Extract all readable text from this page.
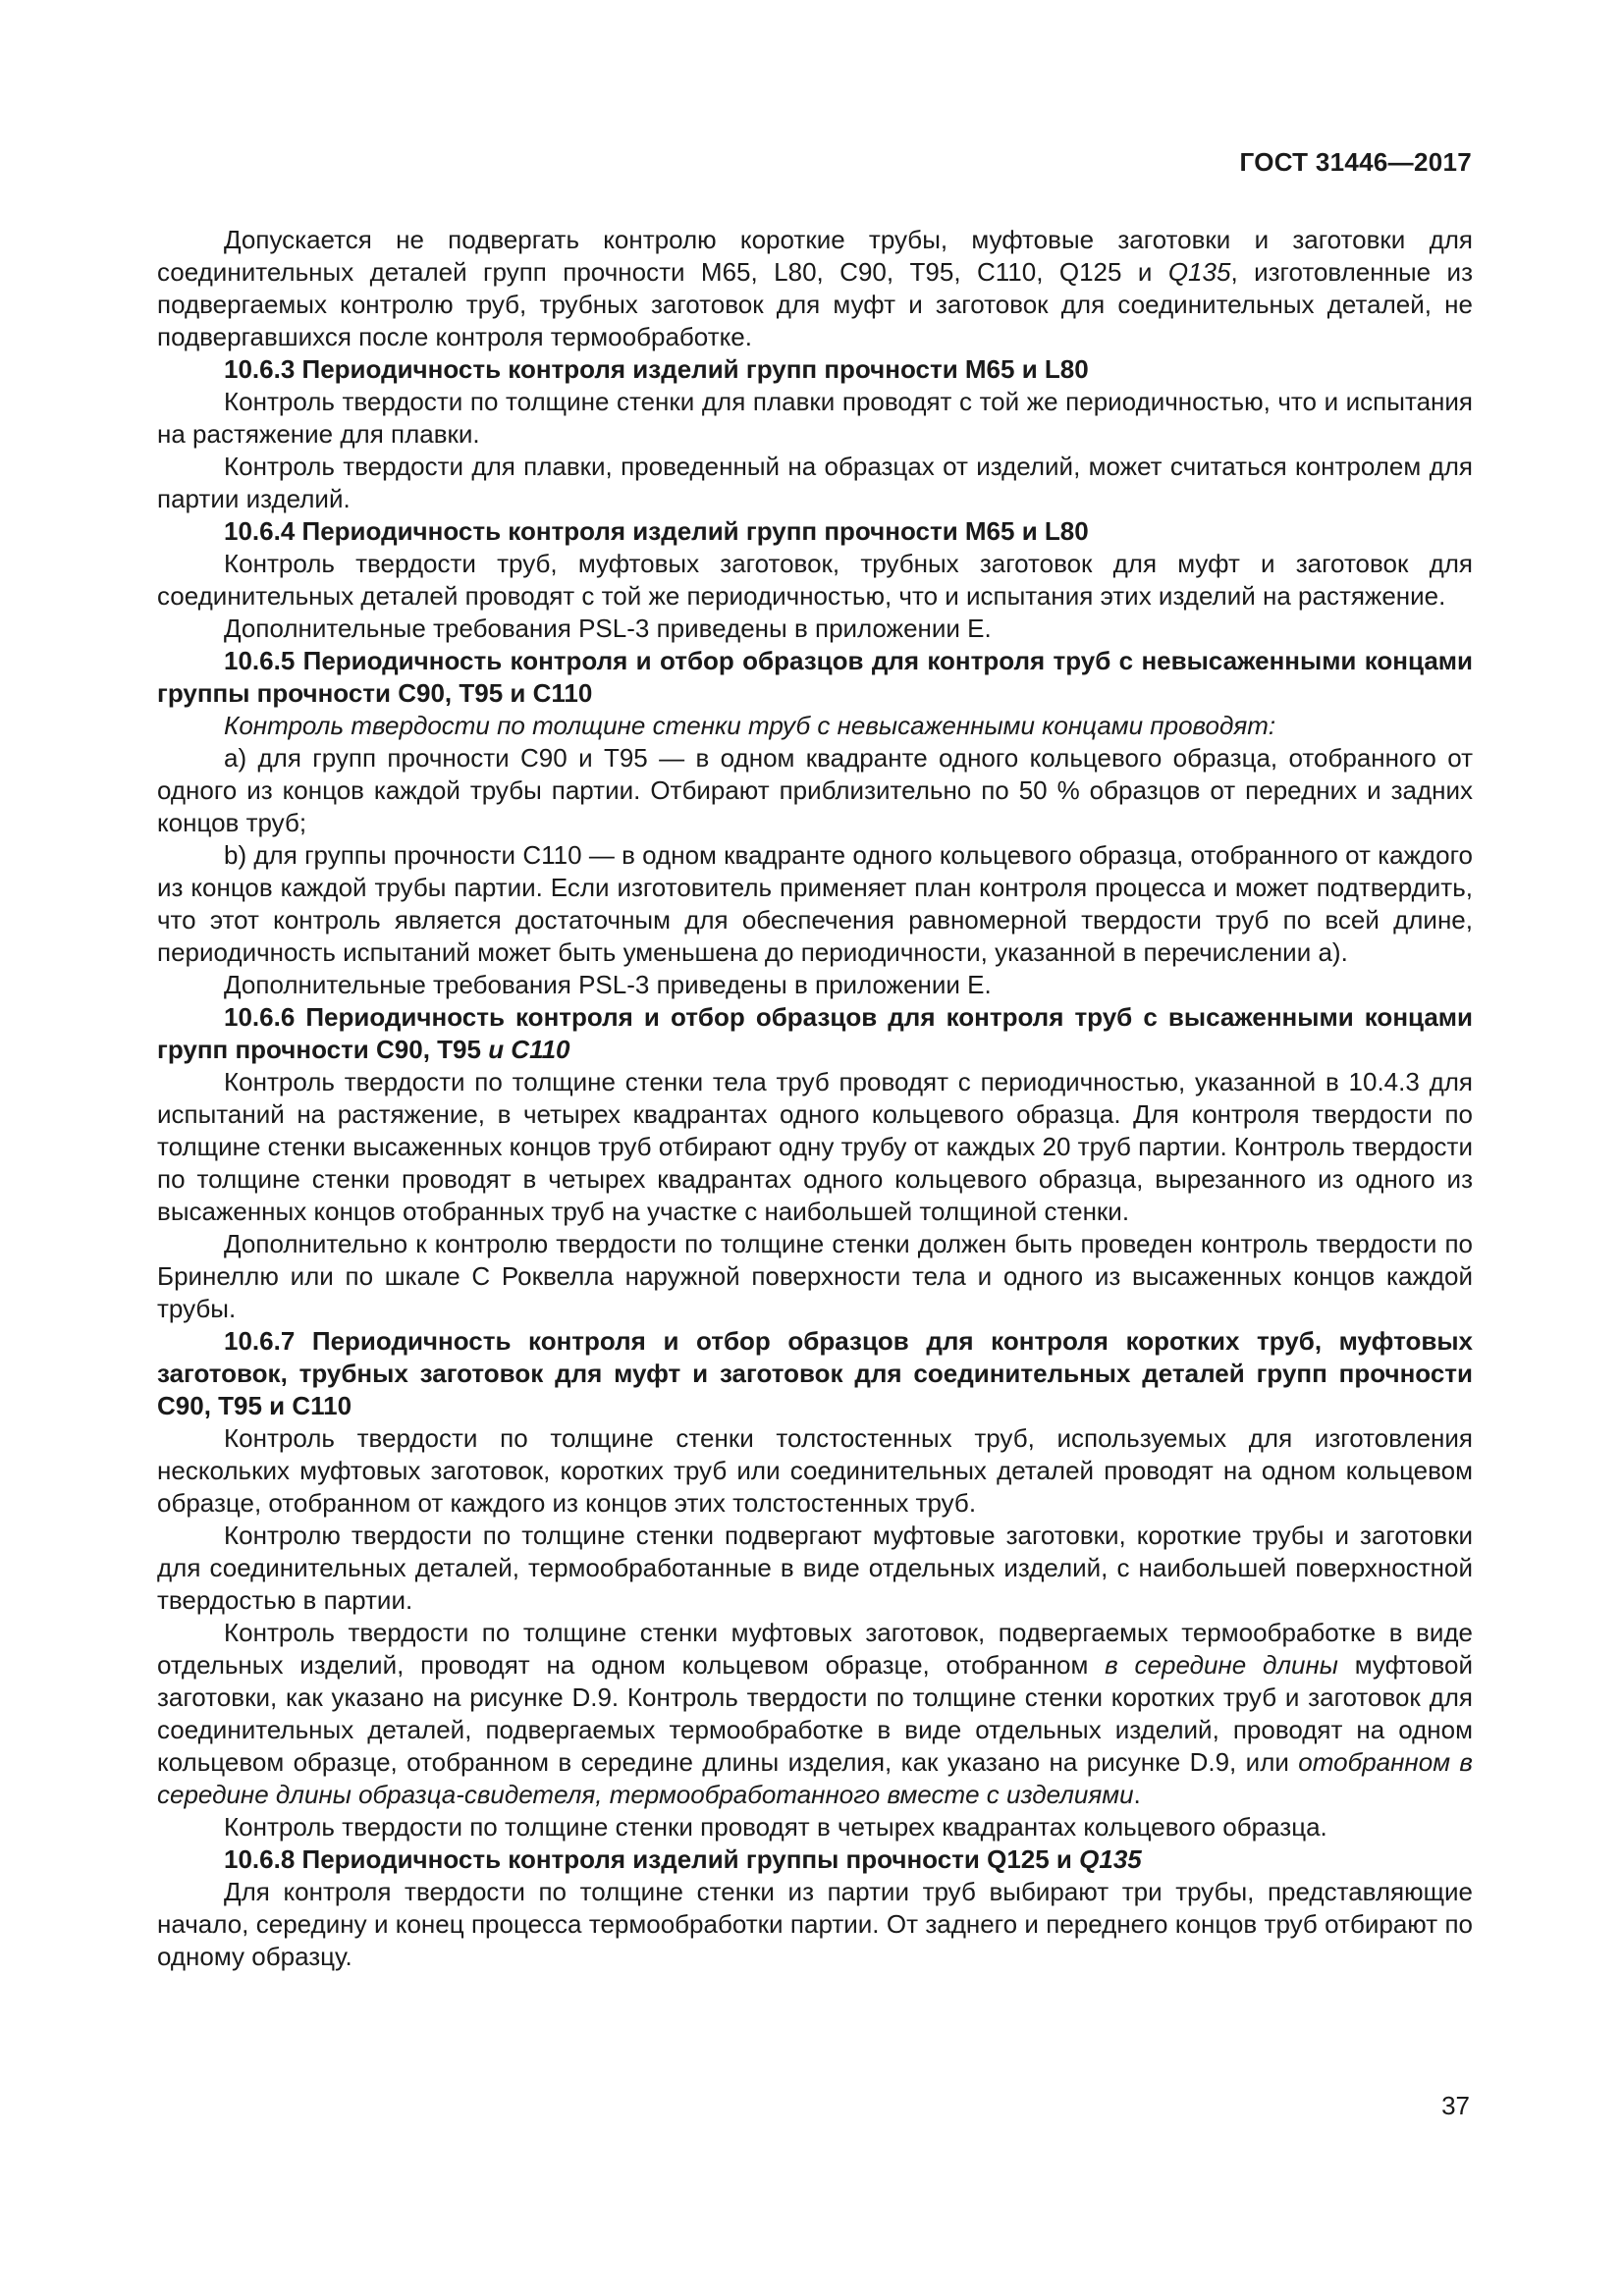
ГОСТ 31446—2017

Допускается не подвергать контролю короткие трубы, муфтовые заготовки и заготовки для соединительных деталей групп прочности М65, L80, С90, Т95, С110, Q125 и Q135, изготовленные из подвергаемых контролю труб, трубных заготовок для муфт и заготовок для соединительных деталей, не подвергавшихся после контроля термообработке.

10.6.3 Периодичность контроля изделий групп прочности М65 и L80

Контроль твердости по толщине стенки для плавки проводят с той же периодичностью, что и испытания на растяжение для плавки.

Контроль твердости для плавки, проведенный на образцах от изделий, может считаться контролем для партии изделий.

10.6.4 Периодичность контроля изделий групп прочности М65 и L80

Контроль твердости труб, муфтовых заготовок, трубных заготовок для муфт и заготовок для соединительных деталей проводят с той же периодичностью, что и испытания этих изделий на растяжение.

Дополнительные требования PSL-3 приведены в приложении Е.

10.6.5 Периодичность контроля и отбор образцов для контроля труб с невысаженными концами группы прочности С90, Т95 и С110

Контроль твердости по толщине стенки труб с невысаженными концами проводят:

a) для групп прочности С90 и Т95 — в одном квадранте одного кольцевого образца, отобранного от одного из концов каждой трубы партии. Отбирают приблизительно по 50 % образцов от передних и задних концов труб;

b) для группы прочности С110 — в одном квадранте одного кольцевого образца, отобранного от каждого из концов каждой трубы партии. Если изготовитель применяет план контроля процесса и может подтвердить, что этот контроль является достаточным для обеспечения равномерной твердости труб по всей длине, периодичность испытаний может быть уменьшена до периодичности, указанной в перечислении а).

Дополнительные требования PSL-3 приведены в приложении Е.

10.6.6 Периодичность контроля и отбор образцов для контроля труб с высаженными концами групп прочности С90, Т95 и С110

Контроль твердости по толщине стенки тела труб проводят с периодичностью, указанной в 10.4.3 для испытаний на растяжение, в четырех квадрантах одного кольцевого образца. Для контроля твердости по толщине стенки высаженных концов труб отбирают одну трубу от каждых 20 труб партии. Контроль твердости по толщине стенки проводят в четырех квадрантах одного кольцевого образца, вырезанного из одного из высаженных концов отобранных труб на участке с наибольшей толщиной стенки.

Дополнительно к контролю твердости по толщине стенки должен быть проведен контроль твердости по Бринеллю или по шкале С Роквелла наружной поверхности тела и одного из высаженных концов каждой трубы.

10.6.7 Периодичность контроля и отбор образцов для контроля коротких труб, муфтовых заготовок, трубных заготовок для муфт и заготовок для соединительных деталей групп прочности С90, Т95 и С110

Контроль твердости по толщине стенки толстостенных труб, используемых для изготовления нескольких муфтовых заготовок, коротких труб или соединительных деталей проводят на одном кольцевом образце, отобранном от каждого из концов этих толстостенных труб.

Контролю твердости по толщине стенки подвергают муфтовые заготовки, короткие трубы и заготовки для соединительных деталей, термообработанные в виде отдельных изделий, с наибольшей поверхностной твердостью в партии.

Контроль твердости по толщине стенки муфтовых заготовок, подвергаемых термообработке в виде отдельных изделий, проводят на одном кольцевом образце, отобранном в середине длины муфтовой заготовки, как указано на рисунке D.9. Контроль твердости по толщине стенки коротких труб и заготовок для соединительных деталей, подвергаемых термообработке в виде отдельных изделий, проводят на одном кольцевом образце, отобранном в середине длины изделия, как указано на рисунке D.9, или отобранном в середине длины образца-свидетеля, термообработанного вместе с изделиями.

Контроль твердости по толщине стенки проводят в четырех квадрантах кольцевого образца.

10.6.8 Периодичность контроля изделий группы прочности Q125 и Q135

Для контроля твердости по толщине стенки из партии труб выбирают три трубы, представляющие начало, середину и конец процесса термообработки партии. От заднего и переднего концов труб отбирают по одному образцу.

37
